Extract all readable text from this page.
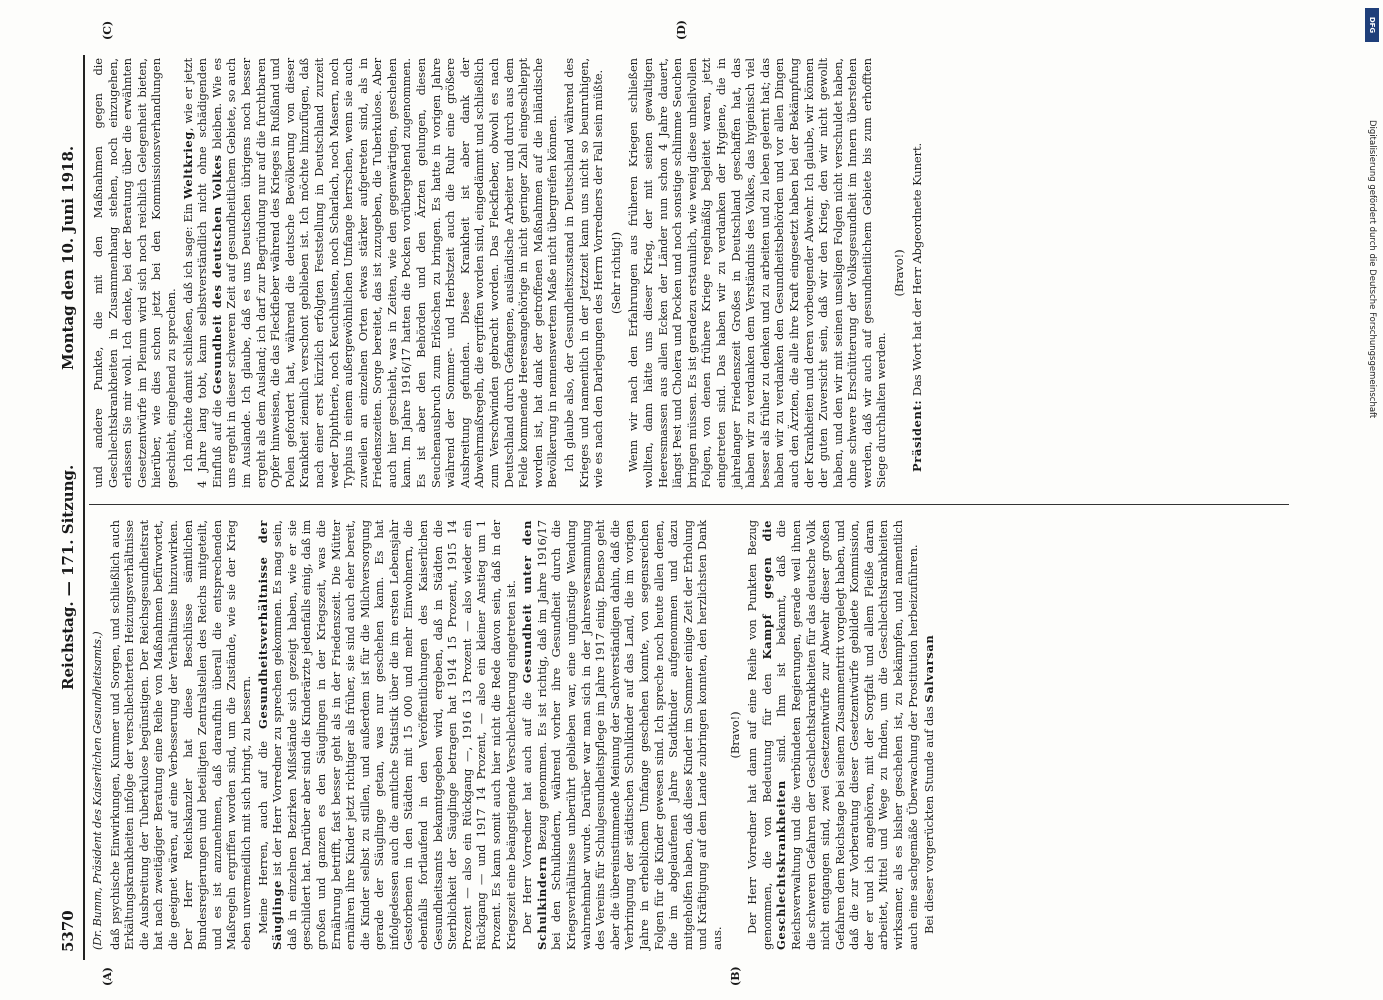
DFG
Digitalisierung gefördert durch die Deutsche Forschungsgemeinschaft
5370
Reichstag. — 171. Sitzung.
Montag den 10. Juni 1918.
(A)	(B)
(C)	(D)

(Dr. Bumm, Präsident des Kaiserlichen Gesundheitsamts.) daß psychische Einwirkungen, Kummer und Sorgen, und schließlich auch Erkältungskrankheiten infolge der verschlechterten Heizungsverhältnisse die Ausbreitung der Tuberkulose begünstigen. Der Reichsgesundheitsrat hat nach zweitägiger Beratung eine Reihe von Maßnahmen befürwortet, die geeignet wären, auf eine Verbesserung der Verhältnisse hinzuwirken. Der Herr Reichskanzler hat diese Beschlüsse sämtlichen Bundesregierungen und beteiligten Zentralstellen des Reichs mitgeteilt, und es ist anzunehmen, daß daraufhin überall die entsprechenden Maßregeln ergriffen worden sind, um die Zustände, wie sie der Krieg eben unvermeidlich mit sich bringt, zu bessern. Meine Herren, auch auf die Gesundheitsverhältnisse der Säuglinge ist der Herr Vorredner zu sprechen gekommen. Es mag sein, daß in einzelnen Bezirken Mißstände sich gezeigt haben, wie er sie geschildert hat. Darüber aber sind die Kinderärzte jedenfalls einig, daß im großen und ganzen es den Säuglingen in der Kriegszeit, was die Ernährung betrifft, fast besser geht als in der Friedenszeit. Die Mütter ernähren ihre Kinder jetzt richtiger als früher, sie sind auch eher bereit, die Kinder selbst zu stillen, und außerdem ist für die Milchversorgung gerade der Säuglinge getan, was nur geschehen kann. Es hat infolgedessen auch die amtliche Statistik über die im ersten Lebensjahr Gestorbenen in den Städten mit 15 000 und mehr Einwohnern, die ebenfalls fortlaufend in den Veröffentlichungen des Kaiserlichen Gesundheitsamts bekanntgegeben wird, ergeben, daß in Städten die Sterblichkeit der Säuglinge betragen hat 1914 15 Prozent, 1915 14 Prozent — also ein Rückgang —, 1916 13 Prozent — also wieder ein Rückgang — und 1917 14 Prozent, — also ein kleiner Anstieg um 1 Prozent. Es kann somit auch hier nicht die Rede davon sein, daß in der Kriegszeit eine beängstigende Verschlechterung eingetreten ist. Der Herr Vorredner hat auch auf die Gesundheit unter den Schulkindern Bezug genommen. Es ist richtig, daß im Jahre 1916/17 bei den Schulkindern, während vorher ihre Gesundheit durch die Kriegsverhältnisse unberührt geblieben war, eine ungünstige Wendung wahrnehmbar wurde. Darüber war man sich in der Jahresversammlung des Vereins für Schulgesundheitspflege im Jahre 1917 einig. Ebenso geht aber die übereinstimmende Meinung der Sachverständigen dahin, daß die Verbringung der städtischen Schulkinder auf das Land, die im vorigen Jahre in erheblichem Umfange geschehen konnte, von segensreichen Folgen für die Kinder gewesen sind. Ich spreche noch heute allen denen, die im abgelaufenen Jahre Stadtkinder aufgenommen und dazu mitgeholfen haben, daß diese Kinder im Sommer einige Zeit der Erholung und Kräftigung auf dem Lande zubringen konnten, den herzlichsten Dank aus.

(Bravo!) Der Herr Vorredner hat dann auf eine Reihe von Punkten Bezug genommen, die von Bedeutung für den Kampf gegen die Geschlechtskrankheiten sind. Ihm ist bekannt, daß die Reichsverwaltung und die verbündeten Regierungen, gerade weil ihnen die schweren Gefahren der Geschlechtskrankheiten für das deutsche Volk nicht entgangen sind, zwei Gesetzentwürfe zur Abwehr dieser großen Gefahren dem Reichstage bei seinem Zusammentritt vorgelegt haben, und daß die zur Vorberatung dieser Gesetzentwürfe gebildete Kommission, der er und ich angehören, mit der Sorgfalt und allem Fleiße daran arbeitet, Mittel und Wege zu finden, um die Geschlechtskrankheiten wirksamer, als es bisher geschehen ist, zu bekämpfen, und namentlich auch eine sachgemäße Überwachung der Prostitution herbeizuführen. Bei dieser vorgerückten Stunde auf das Salvarsan

und andere Punkte, die mit den Maßnahmen gegen die Geschlechtskrankheiten in Zusammenhang stehen, noch einzugehen, erlassen Sie mir wohl. Ich denke, bei der Beratung über die erwähnten Gesetzentwürfe im Plenum wird sich noch reichlich Gelegenheit bieten, hierüber, wie dies schon jetzt bei den Kommissionsverhandlungen geschieht, eingehend zu sprechen. Ich möchte damit schließen, daß ich sage: Ein Weltkrieg, wie er jetzt 4 Jahre lang tobt, kann selbstverständlich nicht ohne schädigenden Einfluß auf die Gesundheit des deutschen Volkes bleiben. Wie es uns ergeht in dieser schweren Zeit auf gesundheitlichem Gebiete, so auch im Auslande. Ich glaube, daß es uns Deutschen übrigens noch besser ergeht als dem Ausland; ich darf zur Begründung nur auf die furchtbaren Opfer hinweisen, die das Fleckfieber während des Krieges in Rußland und Polen gefordert hat, während die deutsche Bevölkerung von dieser Krankheit ziemlich verschont geblieben ist. Ich möchte hinzufügen, daß nach einer erst kürzlich erfolgten Feststellung in Deutschland zurzeit weder Diphtherie, noch Keuchhusten, noch Scharlach, noch Masern, noch Typhus in einem außergewöhnlichen Umfange herrschen, wenn sie auch zuweilen an einzelnen Orten etwas stärker aufgetreten sind, als in Friedenszeiten. Sorge bereitet, das ist zuzugeben, die Tuberkulose. Aber auch hier geschieht, was in Zeiten, wie den gegenwärtigen, geschehen kann. Im Jahre 1916/17 hatten die Pocken vorübergehend zugenommen. Es ist aber den Behörden und den Ärzten gelungen, diesen Seuchenausbruch zum Erlöschen zu bringen. Es hatte in vorigen Jahre während der Sommer- und Herbstzeit auch die Ruhr eine größere Ausbreitung gefunden. Diese Krankheit ist aber dank der Abwehrmaßregeln, die ergriffen worden sind, eingedämmt und schließlich zum Verschwinden gebracht worden. Das Fleckfieber, obwohl es nach Deutschland durch Gefangene, ausländische Arbeiter und durch aus dem Felde kommende Heeresangehörige in nicht geringer Zahl eingeschleppt worden ist, hat dank der getroffenen Maßnahmen auf die inländische Bevölkerung in nennenswertem Maße nicht übergreifen können. Ich glaube also, der Gesundheitszustand in Deutschland während des Krieges und namentlich in der Jetztzeit kann uns nicht so beunruhigen, wie es nach den Darlegungen des Herrn Vorredners der Fall sein müßte. (Sehr richtig!) Wenn wir nach den Erfahrungen aus früheren Kriegen schließen wollten, dann hätte uns dieser Krieg, der mit seinen gewaltigen Heeresmassen aus allen Ecken der Länder nun schon 4 Jahre dauert, längst Pest und Cholera und Pocken und noch sonstige schlimme Seuchen bringen müssen. Es ist geradezu erstaunlich, wie wenig diese unheilvollen Folgen, von denen frühere Kriege regelmäßig begleitet waren, jetzt eingetreten sind. Das haben wir zu verdanken der Hygiene, die in jahrelanger Friedenszeit Großes in Deutschland geschaffen hat, das haben wir zu verdanken dem Verständnis des Volkes, das hygienisch viel besser als früher zu denken und zu arbeiten und zu leben gelernt hat; das haben wir zu verdanken den Gesundheitsbehörden und vor allen Dingen auch den Ärzten, die alle ihre Kraft eingesetzt haben bei der Bekämpfung der Krankheiten und deren vorbeugender Abwehr. Ich glaube, wir können der guten Zuversicht sein, daß wir den Krieg, den wir nicht gewollt haben, und den wir mit seinen unseligen Folgen nicht verschuldet haben, ohne schwere Erschütterung der Volksgesundheit im Innern überstehen werden, daß wir auch auf gesundheitlichem Gebiete bis zum erhofften Siege durchhalten werden.

(Bravo!)

Präsident: Das Wort hat der Herr Abgeordnete Kunert.
